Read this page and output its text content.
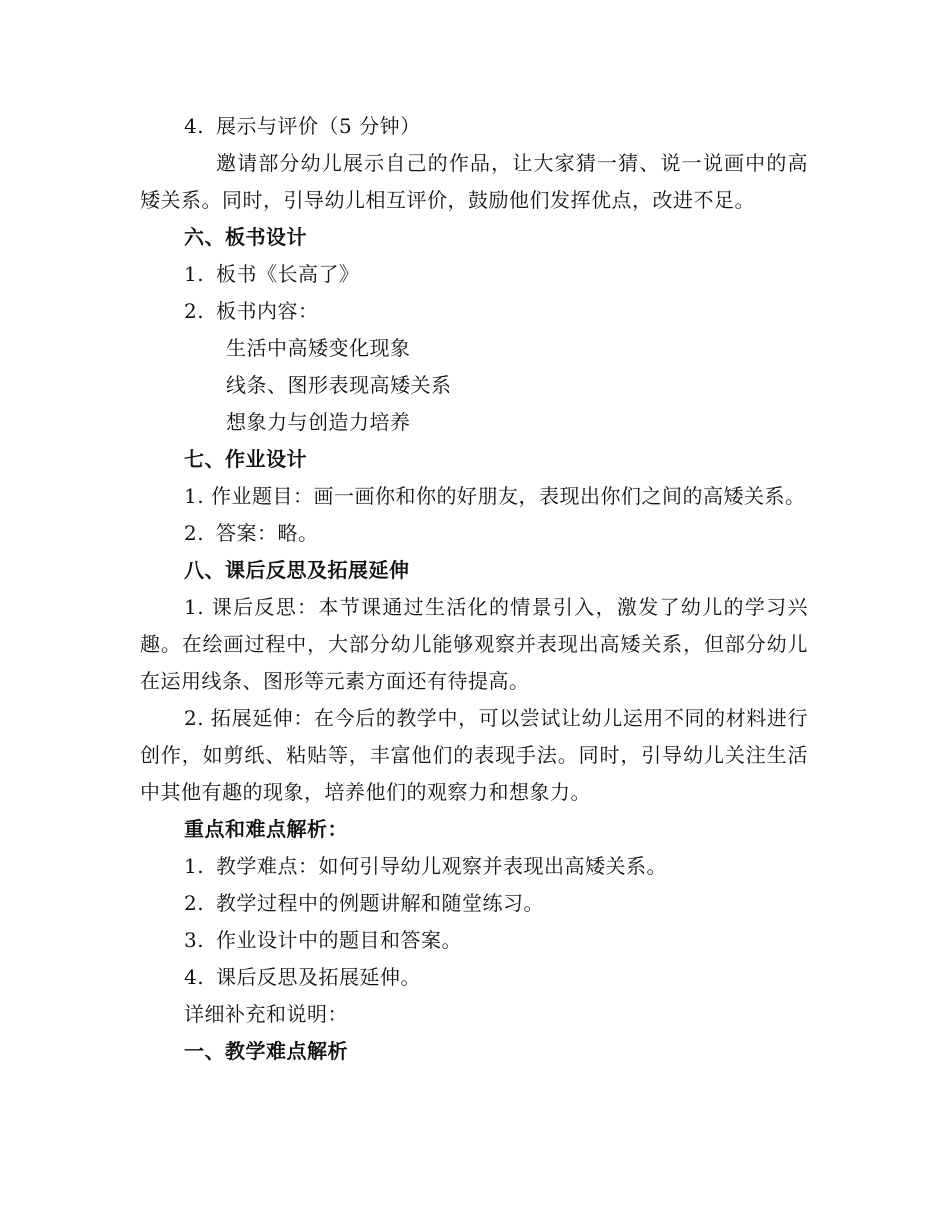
4. 展示与评价（5 分钟）
邀请部分幼儿展示自己的作品，让大家猜一猜、说一说画中的高矮关系。同时，引导幼儿相互评价，鼓励他们发挥优点，改进不足。
六、板书设计
1. 板书《长高了》
2. 板书内容：
生活中高矮变化现象
线条、图形表现高矮关系
想象力与创造力培养
七、作业设计
1. 作业题目：画一画你和你的好朋友，表现出你们之间的高矮关系。
2. 答案：略。
八、课后反思及拓展延伸
1. 课后反思：本节课通过生活化的情景引入，激发了幼儿的学习兴趣。在绘画过程中，大部分幼儿能够观察并表现出高矮关系，但部分幼儿在运用线条、图形等元素方面还有待提高。
2. 拓展延伸：在今后的教学中，可以尝试让幼儿运用不同的材料进行创作，如剪纸、粘贴等，丰富他们的表现手法。同时，引导幼儿关注生活中其他有趣的现象，培养他们的观察力和想象力。
重点和难点解析：
1. 教学难点：如何引导幼儿观察并表现出高矮关系。
2. 教学过程中的例题讲解和随堂练习。
3. 作业设计中的题目和答案。
4. 课后反思及拓展延伸。
详细补充和说明：
一、教学难点解析
